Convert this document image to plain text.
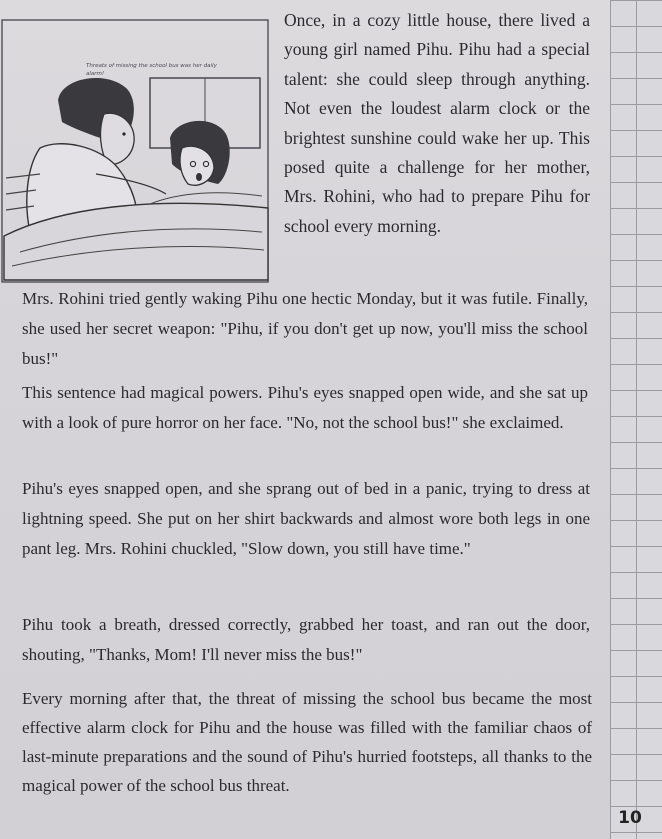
Threats of missing the school bus was her daily alarm!

Once, in a cozy little house, there lived a young girl named Pihu. Pihu had a special talent: she could sleep through anything. Not even the loudest alarm clock or the brightest sunshine could wake her up. This posed quite a challenge for her mother, Mrs. Rohini, who had to prepare Pihu for school every morning.

Mrs. Rohini tried gently waking Pihu one hectic Monday, but it was futile. Finally, she used her secret weapon: "Pihu, if you don't get up now, you'll miss the school bus!"

This sentence had magical powers. Pihu's eyes snapped open wide, and she sat up with a look of pure horror on her face. "No, not the school bus!" she exclaimed.

Pihu's eyes snapped open, and she sprang out of bed in a panic, trying to dress at lightning speed. She put on her shirt backwards and almost wore both legs in one pant leg. Mrs. Rohini chuckled, "Slow down, you still have time."

Pihu took a breath, dressed correctly, grabbed her toast, and ran out the door, shouting, "Thanks, Mom! I'll never miss the bus!"

Every morning after that, the threat of missing the school bus became the most effective alarm clock for Pihu and the house was filled with the familiar chaos of last-minute preparations and the sound of Pihu's hurried footsteps, all thanks to the magical power of the school bus threat.

10
